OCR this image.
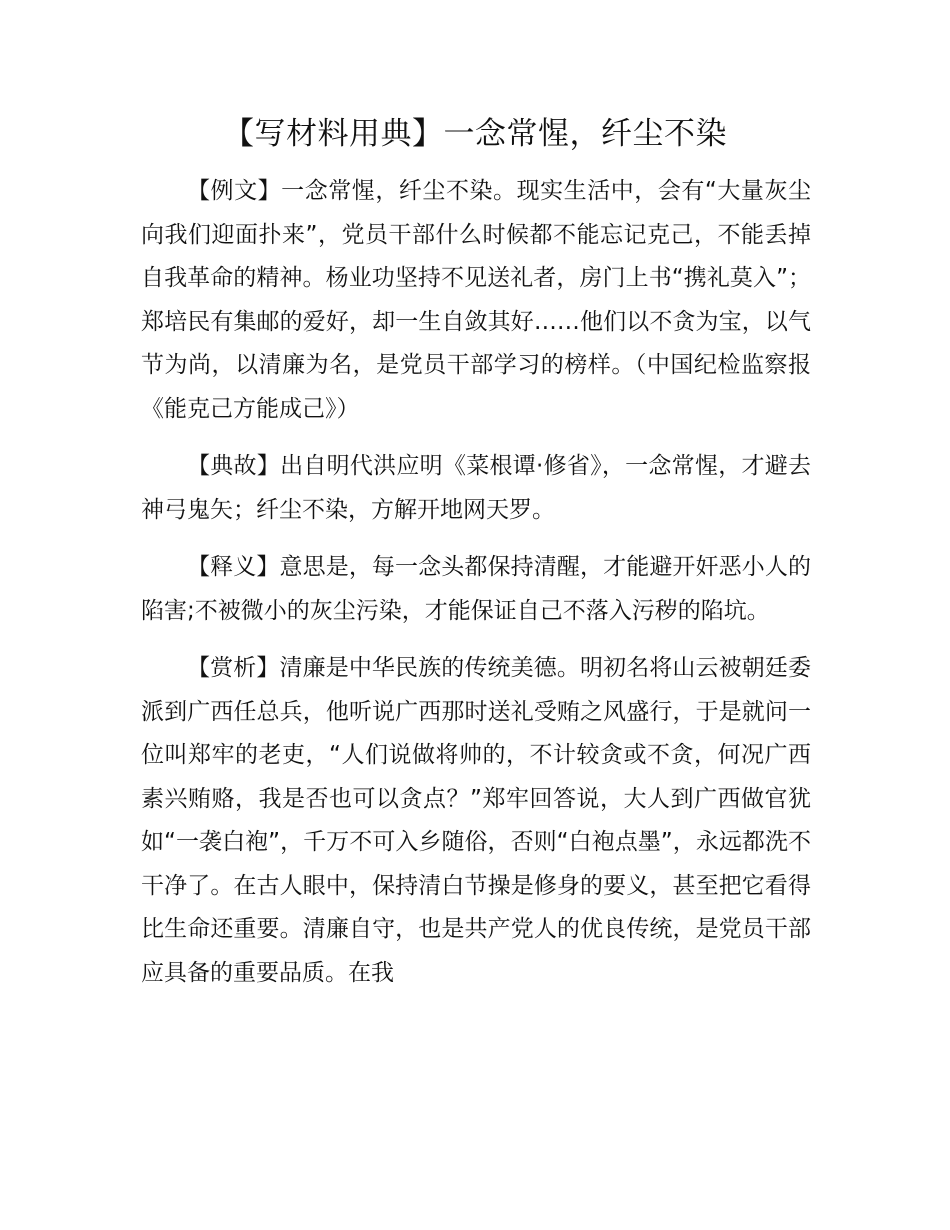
【写材料用典】一念常惺，纤尘不染

【例文】一念常惺，纤尘不染。现实生活中，会有“大量灰尘向我们迎面扑来”，党员干部什么时候都不能忘记克己，不能丢掉自我革命的精神。杨业功坚持不见送礼者，房门上书“携礼莫入”；郑培民有集邮的爱好，却一生自敛其好……他们以不贪为宝，以气节为尚，以清廉为名，是党员干部学习的榜样。（中国纪检监察报《能克己方能成己》）

【典故】出自明代洪应明《菜根谭·修省》，一念常惺，才避去神弓鬼矢；纤尘不染，方解开地网天罗。

【释义】意思是，每一念头都保持清醒，才能避开奸恶小人的陷害;不被微小的灰尘污染，才能保证自己不落入污秽的陷坑。

【赏析】清廉是中华民族的传统美德。明初名将山云被朝廷委派到广西任总兵，他听说广西那时送礼受贿之风盛行，于是就问一位叫郑牢的老吏，“人们说做将帅的，不计较贪或不贪，何况广西素兴贿赂，我是否也可以贪点？”郑牢回答说，大人到广西做官犹如“一袭白袍”，千万不可入乡随俗，否则“白袍点墨”，永远都洗不干净了。在古人眼中，保持清白节操是修身的要义，甚至把它看得比生命还重要。清廉自守，也是共产党人的优良传统，是党员干部应具备的重要品质。在我
